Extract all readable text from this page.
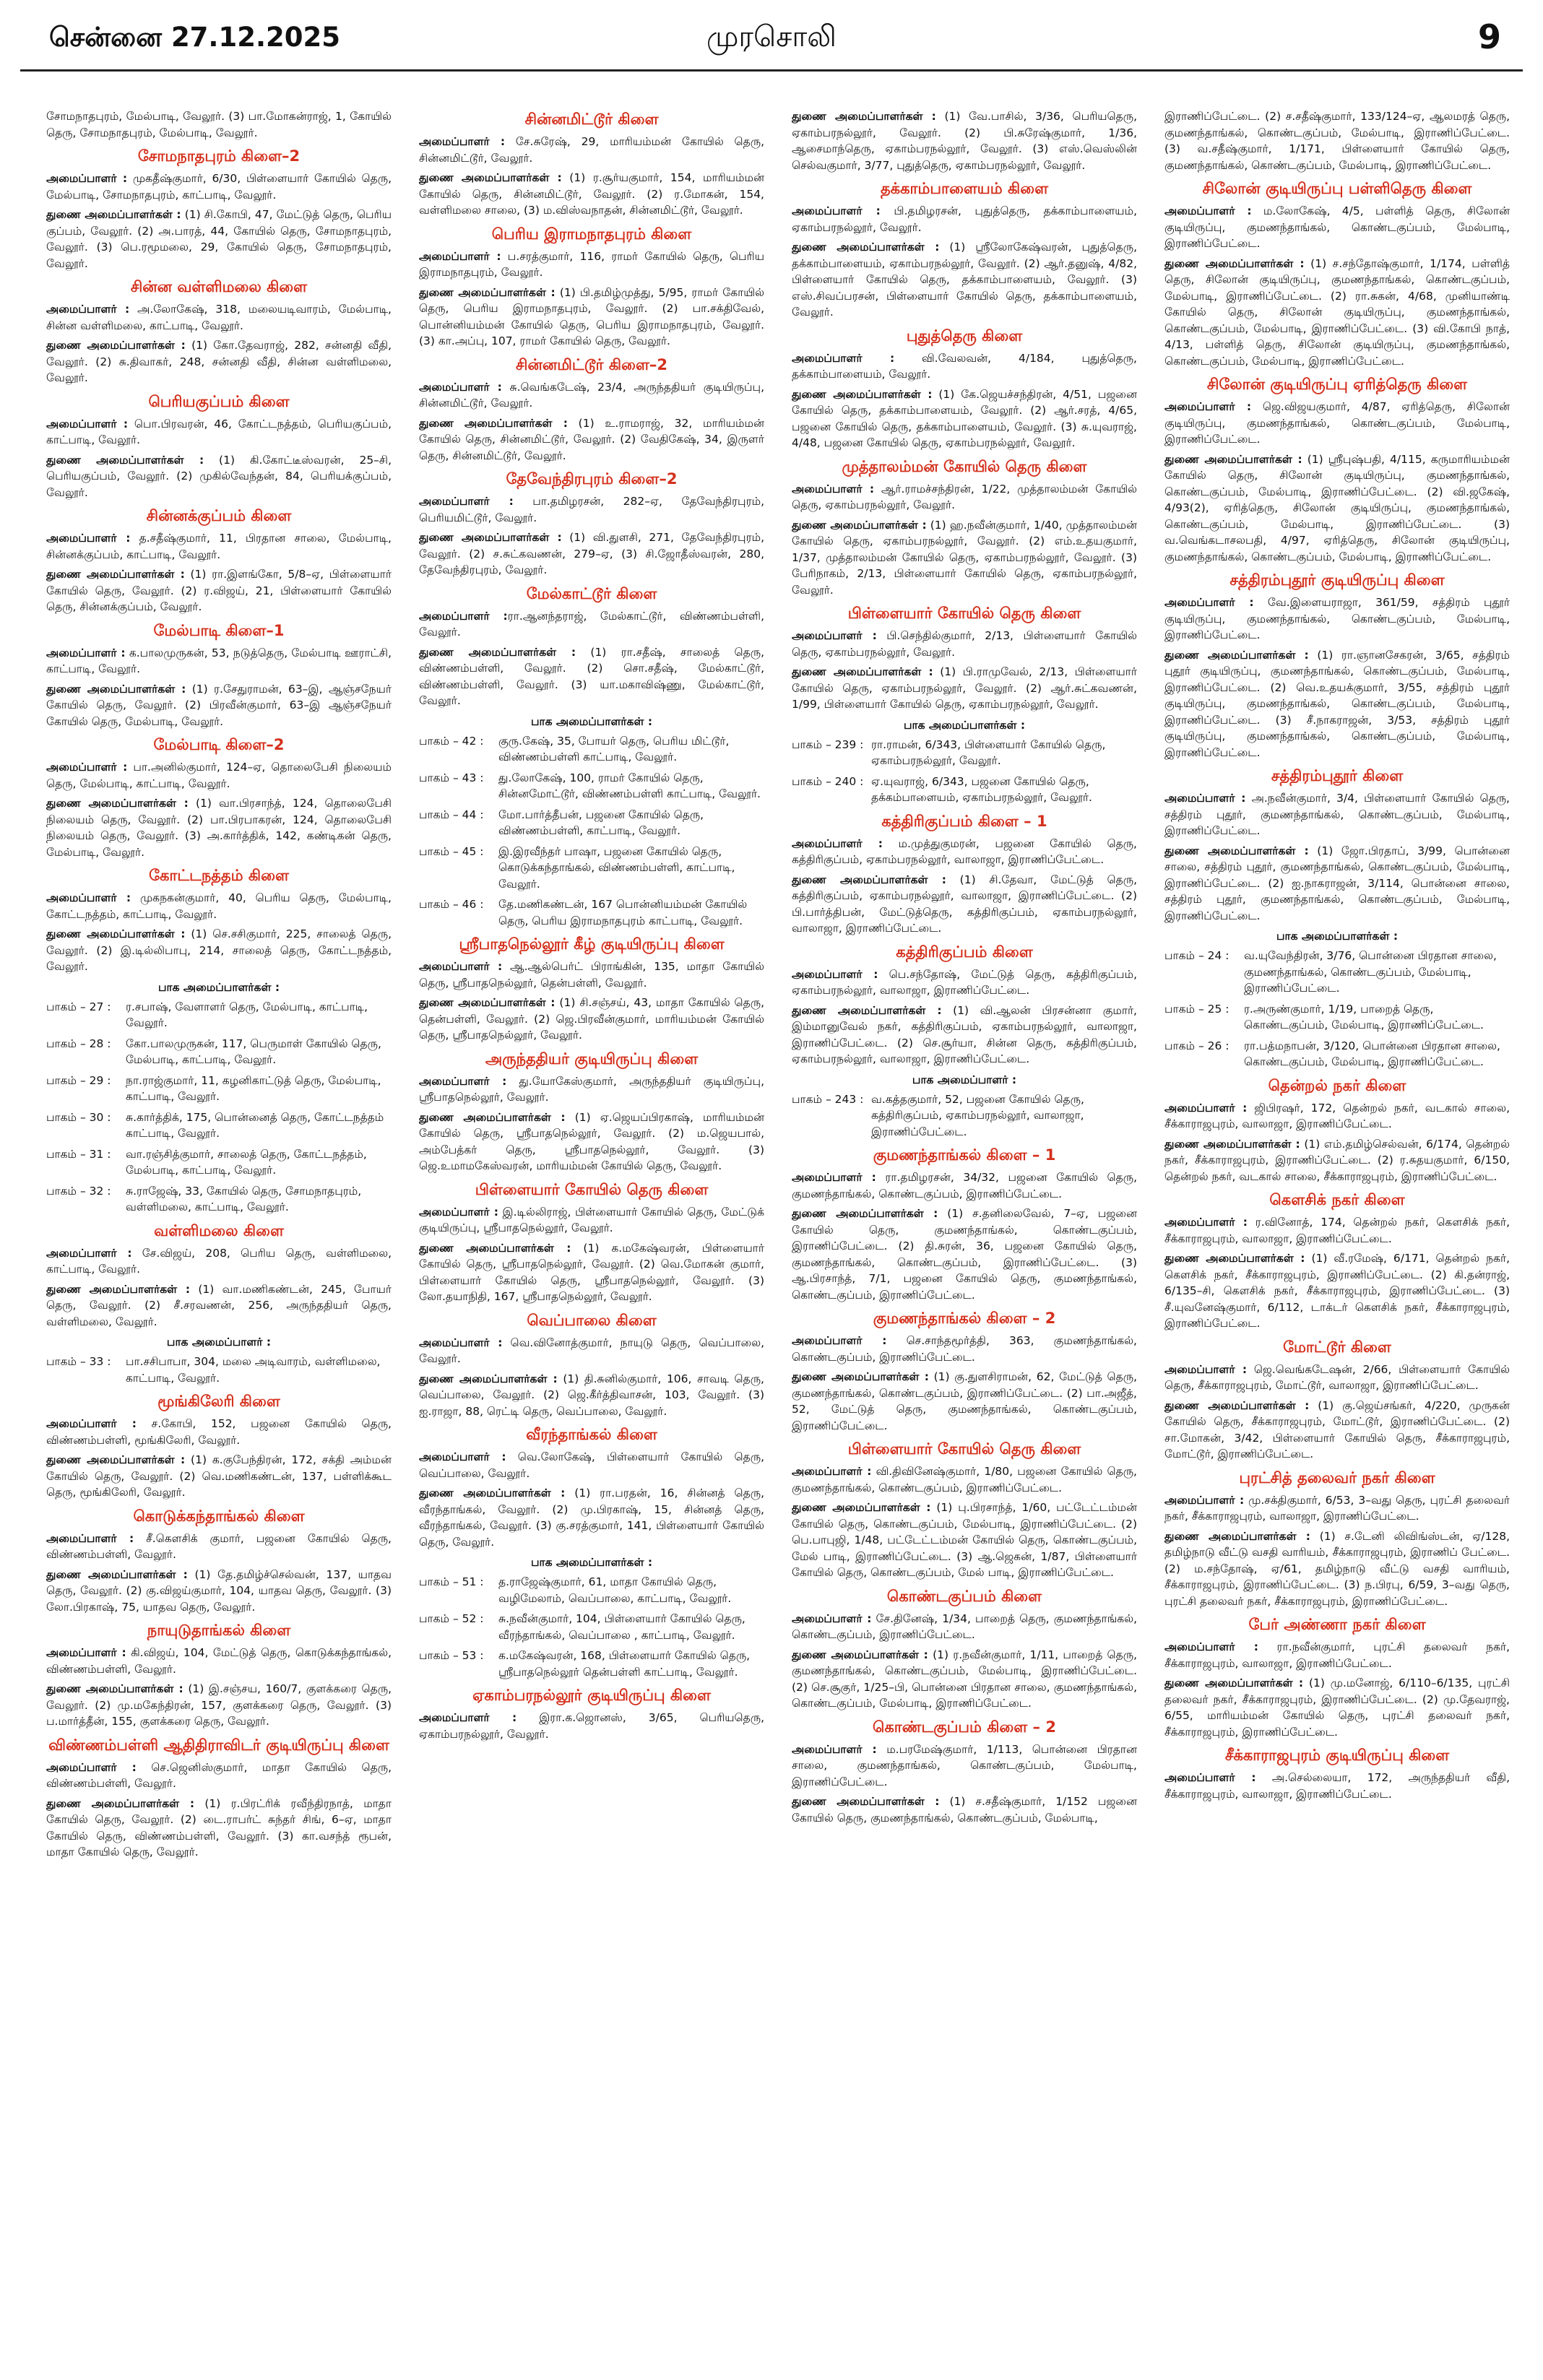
சென்னை 27.12.2025	முரசொலி	9
சோமநாதபுரம், மேல்பாடி, வேலூர். (3) பா.மோகன்ராஜ், 1, கோயில் தெரு, சோமநாதபுரம், மேல்பாடி, வேலூர்.
சோமநாதபுரம் கிளை–2
அமைப்பாளர் : முகதீஷ்குமார், 6/30, பிள்ளையார் கோயில் தெரு, மேல்பாடி, சோமநாதபுரம், காட்பாடி, வேலூர்.
துணை அமைப்பாளர்கள் : (1) சி.கோபி, 47, மேட்டுத் தெரு, பெரிய குப்பம், வேலூர். (2) அ.பாரத், 44, கோயில் தெரு, சோமநாதபுரம், வேலூர். (3) பெ.ரமூமலை, 29, கோயில் தெரு, சோமநாதபுரம், வேலூர்.
சின்ன வள்ளிமலை கிளை
அமைப்பாளர் : அ.லோகேஷ், 318, மலையடிவாரம், மேல்பாடி, சின்ன வள்ளிமலை, காட்பாடி, வேலூர்.
துணை அமைப்பாளர்கள் : (1) கோ.தேவராஜ், 282, சன்னதி வீதி, வேலூர். (2) சு.திவாகர், 248, சன்னதி வீதி, சின்ன வள்ளிமலை, வேலூர்.
பெரியகுப்பம் கிளை
அமைப்பாளர் : பொ.பிரவரன், 46, கோட்டநத்தம், பெரியகுப்பம், காட்பாடி, வேலூர்.
துணை அமைப்பாளர்கள் : (1) கி.கோட்டீஸ்வரன், 25–சி, பெரியகுப்பம், வேலூர். (2) முகில்வேந்தன், 84, பெரியக்குப்பம், வேலூர்.
சின்னக்குப்பம் கிளை
அமைப்பாளர் : த.சதீஷ்குமார், 11, பிரதான சாலை, மேல்பாடி, சின்னக்குப்பம், காட்பாடி, வேலூர்.
துணை அமைப்பாளர்கள் : (1) ரா.இளங்கோ, 5/8–ஏ, பிள்ளையார் கோயில் தெரு, வேலூர். (2) ர.விஜய், 21, பிள்ளையார் கோயில் தெரு, சின்னக்குப்பம், வேலூர்.
மேல்பாடி கிளை–1
அமைப்பாளர் : க.பாலமுருகன், 53, நடுத்தெரு, மேல்பாடி ஊராட்சி, காட்பாடி, வேலூர்.
துணை அமைப்பாளர்கள் : (1) ர.சேதுராமன், 63–இ, ஆஞ்சநேயர் கோயில் தெரு, வேலூர். (2) பிரவீன்குமார், 63–இ ஆஞ்சநேயர் கோயில் தெரு, மேல்பாடி, வேலூர்.
மேல்பாடி கிளை–2
அமைப்பாளர் : பா.அனில்குமார், 124–ஏ, தொலைபேசி நிலையம் தெரு, மேல்பாடி, காட்பாடி, வேலூர்.
துணை அமைப்பாளர்கள் : (1) வா.பிரசாந்த், 124, தொலைபேசி நிலையம் தெரு, வேலூர். (2) பா.பிரபாகரன், 124, தொலைபேசி நிலையம் தெரு, வேலூர். (3) அ.கார்த்திக், 142, கண்டிகன் தெரு, மேல்பாடி, வேலூர்.
கோட்டநத்தம் கிளை
அமைப்பாளர் : முகநகன்குமார், 40, பெரிய தெரு, மேல்பாடி, கோட்டநத்தம், காட்பாடி, வேலூர்.
துணை அமைப்பாளர்கள் : (1) செ.சசிகுமார், 225, சாலைத் தெரு, வேலூர். (2) இ.டில்லிபாபு, 214, சாலைத் தெரு, கோட்டநத்தம், வேலூர்.
பாக அமைப்பாளர்கள் :
பாகம் – 27 :	ர.சபாஷ், வேளாளர் தெரு, மேல்பாடி, காட்பாடி, வேலூர்.
பாகம் – 28 :	கோ.பாலமுருகன், 117, பெருமாள் கோயில் தெரு, மேல்பாடி, காட்பாடி, வேலூர்.
பாகம் – 29 :	நா.ராஜ்குமார், 11, கழனிகாட்டுத் தெரு, மேல்பாடி, காட்பாடி, வேலூர்.
பாகம் – 30 :	சு.கார்த்திக், 175, பொன்னைத் தெரு, கோட்டநத்தம் காட்பாடி, வேலூர்.
பாகம் – 31 :	வா.ரஞ்சித்குமார், சாலைத் தெரு, கோட்டநத்தம், மேல்பாடி, காட்பாடி, வேலூர்.
பாகம் – 32 :	சு.ராஜேஷ், 33, கோயில் தெரு, சோமநாதபுரம், வள்ளிமலை, காட்பாடி, வேலூர்.
வள்ளிமலை கிளை
அமைப்பாளர் : சே.விஜய், 208, பெரிய தெரு, வள்ளிமலை, காட்பாடி, வேலூர்.
துணை அமைப்பாளர்கள் : (1) வா.மணிகண்டன், 245, போயர் தெரு, வேலூர். (2) சீ.சரவணன், 256, அருந்ததியர் தெரு, வள்ளிமலை, வேலூர்.
பாக அமைப்பாளர் :
பாகம் – 33 :	பா.சசிபாபா, 304, மலை அடிவாரம், வள்ளிமலை, காட்பாடி, வேலூர்.
மூங்கிலேரி கிளை
அமைப்பாளர் : ச.கோபி, 152, பஜனை கோயில் தெரு, விண்ணம்பள்ளி, மூங்கிலேரி, வேலூர்.
துணை அமைப்பாளர்கள் : (1) க.குபேந்திரன், 172, சக்தி அம்மன் கோயில் தெரு, வேலூர். (2) வெ.மணிகண்டன், 137, பள்ளிக்கூட தெரு, மூங்கிலேரி, வேலூர்.
கொடுக்கந்தாங்கல் கிளை
அமைப்பாளர் : சீ.கௌசிக் குமார், பஜனை கோயில் தெரு, விண்ணம்பள்ளி, வேலூர்.
துணை அமைப்பாளர்கள் : (1) தே.தமிழ்ச்செல்வன், 137, யாதவ தெரு, வேலூர். (2) கு.விஜய்குமார், 104, யாதவ தெரு, வேலூர். (3) லோ.பிரகாஷ், 75, யாதவ தெரு, வேலூர்.
நாயுடுதாங்கல் கிளை
அமைப்பாளர் : கி.விஜய், 104, மேட்டுத் தெரு, கொடுக்கந்தாங்கல், விண்ணம்பள்ளி, வேலூர்.
துணை அமைப்பாளர்கள் : (1) இ.சஞ்சய, 160/7, குளக்கரை தெரு, வேலூர். (2) மு.மகேந்திரன், 157, குளக்கரை தெரு, வேலூர். (3) ப.மார்த்தீன், 155, குளக்கரை தெரு, வேலூர்.
விண்ணம்பள்ளி ஆதிதிராவிடர் குடியிருப்பு கிளை
அமைப்பாளர் : செ.ஜெனிஸ்குமார், மாதா கோயில் தெரு, விண்ணம்பள்ளி, வேலூர்.
துணை அமைப்பாளர்கள் : (1) ர.பிரட்ரிக் ரவீந்திரநாத், மாதா கோயில் தெரு, வேலூர். (2) டை.ராபர்ட் சுந்தர் சிங், 6–ஏ, மாதா கோயில் தெரு, விண்ணம்பள்ளி, வேலூர். (3) கா.வசந்த் ரூபன், மாதா கோயில் தெரு, வேலூர்.
சின்னமிட்டூர் கிளை
அமைப்பாளர் : சே.சுரேஷ், 29, மாரியம்மன் கோயில் தெரு, சின்னமிட்டூர், வேலூர்.
துணை அமைப்பாளர்கள் : (1) ர.சூர்யகுமார், 154, மாரியம்மன் கோயில் தெரு, சின்னமிட்டூர், வேலூர். (2) ர.மோகன், 154, வள்ளிமலை சாலை, (3) ம.விஸ்வநாதன், சின்னமிட்டூர், வேலூர்.
பெரிய இராமநாதபுரம் கிளை
அமைப்பாளர் : ப.சரத்குமார், 116, ராமர் கோயில் தெரு, பெரிய இராமநாதபுரம், வேலூர்.
துணை அமைப்பாளர்கள் : (1) பி.தமிழ்முத்து, 5/95, ராமர் கோயில் தெரு, பெரிய இராமநாதபுரம், வேலூர். (2) பா.சக்திவேல், பொன்னியம்மன் கோயில் தெரு, பெரிய இராமநாதபுரம், வேலூர். (3) கா.அப்பு, 107, ராமர் கோயில் தெரு, வேலூர்.
சின்னமிட்டூர் கிளை–2
அமைப்பாளர் : சு.வெங்கடேஷ், 23/4, அருந்ததியர் குடியிருப்பு, சின்னமிட்டூர், வேலூர்.
துணை அமைப்பாளர்கள் : (1) உ.ராமராஜ், 32, மாரியம்மன் கோயில் தெரு, சின்னமிட்டூர், வேலூர். (2) வேதிகேஷ், 34, இருளர் தெரு, சின்னமிட்டூர், வேலூர்.
தேவேந்திரபுரம் கிளை–2
அமைப்பாளர் : பா.தமிழரசன், 282–ஏ, தேவேந்திரபுரம், பெரியமிட்டூர், வேலூர்.
துணை அமைப்பாளர்கள் : (1) வி.துளசி, 271, தேவேந்திரபுரம், வேலூர். (2) ச.சுட்கவணன், 279–ஏ, (3) சி.ஜோதீஸ்வரன், 280, தேவேந்திரபுரம், வேலூர்.
மேல்காட்டூர் கிளை
அமைப்பாளர் :ரா.ஆனந்தராஜ், மேல்காட்டூர், விண்ணம்பள்ளி, வேலூர்.
துணை அமைப்பாளர்கள் : (1) ரா.சதீஷ், சாலைத் தெரு, விண்ணம்பள்ளி, வேலூர். (2) சொ.சதீஷ், மேல்காட்டூர், விண்ணம்பள்ளி, வேலூர். (3) யா.மகாவிஷ்ணு, மேல்காட்டூர், வேலூர்.
பாக அமைப்பாளர்கள் :
பாகம் – 42 :	குரு.கேஷ், 35, போயர் தெரு, பெரிய மிட்டூர், விண்ணம்பள்ளி காட்பாடி, வேலூர்.
பாகம் – 43 :	து.லோகேஷ், 100, ராமர் கோயில் தெரு, சின்னமோட்டூர், விண்ணம்பள்ளி காட்பாடி, வேலூர்.
பாகம் – 44 :	மோ.பார்த்தீபன், பஜனை கோயில் தெரு, விண்ணம்பள்ளி, காட்பாடி, வேலூர்.
பாகம் – 45 :	இ.இரவீந்தர் பாஷா, பஜனை கோயில் தெரு, கொடுக்கந்தாங்கல், விண்ணம்பள்ளி, காட்பாடி, வேலூர்.
பாகம் – 46 :	தே.மணிகண்டன், 167 பொன்னியம்மன் கோயில் தெரு, பெரிய இராமநாதபுரம் காட்பாடி, வேலூர்.
ஸ்ரீபாதநெல்லூர் கீழ் குடியிருப்பு கிளை
அமைப்பாளர் : ஆ.ஆல்பெர்ட் பிராங்கின், 135, மாதா கோயில் தெரு, ஸ்ரீபாதநெல்லூர், தென்பள்ளி, வேலூர்.
துணை அமைப்பாளர்கள் : (1) சி.சஞ்சய், 43, மாதா கோயில் தெரு, தென்பள்ளி, வேலூர். (2) ஜெ.பிரவீன்குமார், மாரியம்மன் கோயில் தெரு, ஸ்ரீபாதநெல்லூர், வேலூர்.
அருந்ததியர் குடியிருப்பு கிளை
அமைப்பாளர் : து.யோகேஸ்குமார், அருந்ததியர் குடியிருப்பு, ஸ்ரீபாதநெல்லூர், வேலூர்.
துணை அமைப்பாளர்கள் : (1) ஏ.ஜெயப்பிரகாஷ், மாரியம்மன் கோயில் தெரு, ஸ்ரீபாதநெல்லூர், வேலூர். (2) ம.ஜெயபால், அம்பேத்கர் தெரு, ஸ்ரீபாதநெல்லூர், வேலூர். (3) ஜெ.உமாமகேஸ்வரன், மாரியம்மன் கோயில் தெரு, வேலூர்.
பிள்ளையார் கோயில் தெரு கிளை
அமைப்பாளர் : இ.டில்லிராஜ், பிள்ளையார் கோயில் தெரு, மேட்டுக் குடியிருப்பு, ஸ்ரீபாதநெல்லூர், வேலூர்.
துணை அமைப்பாளர்கள் : (1) க.மகேஷ்வரன், பிள்ளையார் கோயில் தெரு, ஸ்ரீபாதநெல்லூர், வேலூர். (2) வெ.மோகன் குமார், பிள்ளையார் கோயில் தெரு, ஸ்ரீபாதநெல்லூர், வேலூர். (3) லோ.தயாநிதி, 167, ஸ்ரீபாதநெல்லூர், வேலூர்.
வெப்பாலை கிளை
அமைப்பாளர் : வெ.வினோத்குமார், நாயுடு தெரு, வெப்பாலை, வேலூர்.
துணை அமைப்பாளர்கள் : (1) தி.சுனில்குமார், 106, சாவடி தெரு, வெப்பாலை, வேலூர். (2) ஜெ.கீர்த்திவாசன், 103, வேலூர். (3) ஐ.ராஜா, 88, ரெட்டி தெரு, வெப்பாலை, வேலூர்.
வீரந்தாங்கல் கிளை
அமைப்பாளர் : வெ.லோகேஷ், பிள்ளையார் கோயில் தெரு, வெப்பாலை, வேலூர்.
துணை அமைப்பாளர்கள் : (1) ரா.பரதன், 16, சின்னத் தெரு, வீரந்தாங்கல், வேலூர். (2) மு.பிரகாஷ், 15, சின்னத் தெரு, வீரந்தாங்கல், வேலூர். (3) கு.சரத்குமார், 141, பிள்ளையார் கோயில் தெரு, வேலூர்.
பாக அமைப்பாளர்கள் :
பாகம் – 51 :	த.ராஜேஷ்குமார், 61, மாதா கோயில் தெரு, வழிமேலாம், வெப்பாலை, காட்பாடி, வேலூர்.
பாகம் – 52 :	சு.நவீன்குமார், 104, பிள்ளையார் கோயில் தெரு, வீரந்தாங்கல், வெப்பாலை , காட்பாடி, வேலூர்.
பாகம் – 53 :	க.மகேஷ்வரன், 168, பிள்ளையார் கோயில் தெரு, ஸ்ரீபாதநெல்லூர் தென்பள்ளி காட்பாடி, வேலூர்.
ஏகாம்பரநல்லூர் குடியிருப்பு கிளை
அமைப்பாளர் : இரா.க.ஜொனஸ், 3/65, பெரியதெரு, ஏகாம்பரநல்லூர், வேலூர்.
துணை அமைப்பாளர்கள் : (1) வே.பாசில், 3/36, பெரியதெரு, ஏகாம்பரநல்லூர், வேலூர். (2) பி.சுரேஷ்குமார், 1/36, ஆசைமாந்தெரு, ஏகாம்பரநல்லூர், வேலூர். (3) எஸ்.வெஸ்லின் செல்வகுமார், 3/77, புதுத்தெரு, ஏகாம்பரநல்லூர், வேலூர்.
தக்காம்பாளையம் கிளை
அமைப்பாளர் : பி.தமிழரசன், புதுத்தெரு, தக்காம்பாளையம், ஏகாம்பரநல்லூர், வேலூர்.
துணை அமைப்பாளர்கள் : (1) ஸ்ரீலோகேஷ்வரன், புதுத்தெரு, தக்காம்பாளையம், ஏகாம்பரநல்லூர், வேலூர். (2) ஆர்.தனுஷ், 4/82, பிள்ளையார் கோயில் தெரு, தக்காம்பாளையம், வேலூர். (3) எஸ்.சிவப்பரசன், பிள்ளையார் கோயில் தெரு, தக்காம்பாளையம், வேலூர்.
புதுத்தெரு கிளை
அமைப்பாளர் : வி.வேலவன், 4/184, புதுத்தெரு, தக்காம்பாளையம், வேலூர்.
துணை அமைப்பாளர்கள் : (1) கே.ஜெயச்சந்திரன், 4/51, பஜனை கோயில் தெரு, தக்காம்பாளையம், வேலூர். (2) ஆர்.சரத், 4/65, பஜனை கோயில் தெரு, தக்காம்பாளையம், வேலூர். (3) சு.யுவராஜ், 4/48, பஜனை கோயில் தெரு, ஏகாம்பரநல்லூர், வேலூர்.
முத்தாலம்மன் கோயில் தெரு கிளை
அமைப்பாளர் : ஆர்.ராமச்சந்திரன், 1/22, முத்தாலம்மன் கோயில் தெரு, ஏகாம்பரநல்லூர், வேலூர்.
துணை அமைப்பாளர்கள் : (1) ஹ.நவீன்குமார், 1/40, முத்தாலம்மன் கோயில் தெரு, ஏகாம்பரநல்லூர், வேலூர். (2) எம்.உதயகுமார், 1/37, முத்தாலம்மன் கோயில் தெரு, ஏகாம்பரநல்லூர், வேலூர். (3) பேரிநாகம், 2/13, பிள்ளையார் கோயில் தெரு, ஏகாம்பரநல்லூர், வேலூர்.
பிள்ளையார் கோயில் தெரு கிளை
அமைப்பாளர் : பி.செந்தில்குமார், 2/13, பிள்ளையார் கோயில் தெரு, ஏகாம்பரநல்லூர், வேலூர்.
துணை அமைப்பாளர்கள் : (1) பி.ராமுவேல், 2/13, பிள்ளையார் கோயில் தெரு, ஏகாம்பரநல்லூர், வேலூர். (2) ஆர்.சுட்கவணன், 1/99, பிள்ளையார் கோயில் தெரு, ஏகாம்பரநல்லூர், வேலூர்.
பாக அமைப்பாளர்கள் :
பாகம் – 239 : ரா.ராமன், 6/343, பிள்ளையார் கோயில் தெரு, ஏகாம்பரநல்லூர், வேலூர்.
பாகம் – 240 : ஏ.யுவராஜ், 6/343, பஜனை கோயில் தெரு, தக்கம்பாளையம், ஏகாம்பரநல்லூர், வேலூர்.
கத்திரிகுப்பம் கிளை – 1
அமைப்பாளர் : ம.முத்துகுமரன், பஜனை கோயில் தெரு, கத்திரிகுப்பம், ஏகாம்பரநல்லூர், வாலாஜா, இராணிப்பேட்டை.
துணை அமைப்பாளர்கள் : (1) சி.தேவா, மேட்டுத் தெரு, கத்திரிகுப்பம், ஏகாம்பரநல்லூர், வாலாஜா, இராணிப்பேட்டை. (2) பி.பார்த்திபன், மேட்டுத்தெரு, கத்திரிகுப்பம், ஏகாம்பரநல்லூர், வாலாஜா, இராணிப்பேட்டை.
கத்திரிகுப்பம் கிளை
அமைப்பாளர் : பெ.சந்தோஷ், மேட்டுத் தெரு, கத்திரிகுப்பம், ஏகாம்பரநல்லூர், வாலாஜா, இராணிப்பேட்டை.
துணை அமைப்பாளர்கள் : (1) வி.ஆலன் பிரசன்னா குமார், இம்மானுவேல் நகர், கத்திரிகுப்பம், ஏகாம்பரநல்லூர், வாலாஜா, இராணிப்பேட்டை. (2) செ.சூர்யா, சின்ன தெரு, கத்திரிகுப்பம், ஏகாம்பரநல்லூர், வாலாஜா, இராணிப்பேட்டை.
பாக அமைப்பாளர் :
பாகம் – 243 : வ.கத்தகுமார், 52, பஜனை கோயில் தெரு, கத்திரிகுப்பம், ஏகாம்பரநல்லூர், வாலாஜா, இராணிப்பேட்டை.
குமணந்தாங்கல் கிளை – 1
அமைப்பாளர் : ரா.தமிழரசன், 34/32, பஜனை கோயில் தெரு, குமணந்தாங்கல், கொண்டகுப்பம், இராணிப்பேட்டை.
துணை அமைப்பாளர்கள் : (1) ச.தனிலைவேல், 7–ஏ, பஜனை கோயில் தெரு, குமணந்தாங்கல், கொண்டகுப்பம், இராணிப்பேட்டை. (2) தி.சுரன், 36, பஜனை கோயில் தெரு, குமணந்தாங்கல், கொண்டகுப்பம், இராணிப்பேட்டை. (3) ஆ.பிரசாந்த், 7/1, பஜனை கோயில் தெரு, குமணந்தாங்கல், கொண்டகுப்பம், இராணிப்பேட்டை.
குமணந்தாங்கல் கிளை – 2
அமைப்பாளர் : செ.சாந்தமூர்த்தி, 363, குமணந்தாங்கல், கொண்டகுப்பம், இராணிப்பேட்டை.
துணை அமைப்பாளர்கள் : (1) கு.துளசிராமன், 62, மேட்டுத் தெரு, குமணந்தாங்கல், கொண்டகுப்பம், இராணிப்பேட்டை. (2) பா.அஜீத், 52, மேட்டுத் தெரு, குமணந்தாங்கல், கொண்டகுப்பம், இராணிப்பேட்டை.
பிள்ளையார் கோயில் தெரு கிளை
அமைப்பாளர் : வி.திவினேஷ்குமார், 1/80, பஜனை கோயில் தெரு, குமணந்தாங்கல், கொண்டகுப்பம், இராணிப்பேட்டை.
துணை அமைப்பாளர்கள் : (1) பு.பிரசாந்த், 1/60, பட்டேட்டம்மன் கோயில் தெரு, கொண்டகுப்பம், மேல்பாடி, இராணிப்பேட்டை. (2) பெ.பாபுஜி, 1/48, பட்டேட்டம்மன் கோயில் தெரு, கொண்டகுப்பம், மேல் பாடி, இராணிப்பேட்டை. (3) ஆ.ஜெகன், 1/87, பிள்ளையார் கோயில் தெரு, கொண்டகுப்பம், மேல் பாடி, இராணிப்பேட்டை.
கொண்டகுப்பம் கிளை
அமைப்பாளர் : சே.தினேஷ், 1/34, பாறைத் தெரு, குமணந்தாங்கல், கொண்டகுப்பம், இராணிப்பேட்டை.
துணை அமைப்பாளர்கள் : (1) ர.நவீன்குமார், 1/11, பாறைத் தெரு, குமணந்தாங்கல், கொண்டகுப்பம், மேல்பாடி, இராணிப்பேட்டை. (2) செ.சூகுர், 1/25–பி, பொன்னை பிரதான சாலை, குமணந்தாங்கல், கொண்டகுப்பம், மேல்பாடி, இராணிப்பேட்டை.
கொண்டகுப்பம் கிளை – 2
அமைப்பாளர் : ம.பரமேஷ்குமார், 1/113, பொன்னை பிரதான சாலை, குமணந்தாங்கல், கொண்டகுப்பம், மேல்பாடி, இராணிப்பேட்டை.
துணை அமைப்பாளர்கள் : (1) ச.சதீஷ்குமார், 1/152 பஜனை கோயில் தெரு, குமணந்தாங்கல், கொண்டகுப்பம், மேல்பாடி,
இராணிப்பேட்டை. (2) ச.சதீஷ்குமார், 133/124–ஏ, ஆலமரத் தெரு, குமணந்தாங்கல், கொண்டகுப்பம், மேல்பாடி, இராணிப்பேட்டை. (3) வ.சதீஷ்குமார், 1/171, பிள்ளையார் கோயில் தெரு, குமணந்தாங்கல், கொண்டகுப்பம், மேல்பாடி, இராணிப்பேட்டை.
சிலோன் குடியிருப்பு பள்ளிதெரு கிளை
அமைப்பாளர் : ம.லோகேஷ், 4/5, பள்ளித் தெரு, சிலோன் குடியிருப்பு, குமணந்தாங்கல், கொண்டகுப்பம், மேல்பாடி, இராணிப்பேட்டை.
துணை அமைப்பாளர்கள் : (1) ச.சந்தோஷ்குமார், 1/174, பள்ளித் தெரு, சிலோன் குடியிருப்பு, குமணந்தாங்கல், கொண்டகுப்பம், மேல்பாடி, இராணிப்பேட்டை. (2) ரா.சுகன், 4/68, முனியாண்டி கோயில் தெரு, சிலோன் குடியிருப்பு, குமணந்தாங்கல், கொண்டகுப்பம், மேல்பாடி, இராணிப்பேட்டை. (3) வி.கோபி நாத், 4/13, பள்ளித் தெரு, சிலோன் குடியிருப்பு, குமணந்தாங்கல், கொண்டகுப்பம், மேல்பாடி, இராணிப்பேட்டை.
சிலோன் குடியிருப்பு ஏரித்தெரு கிளை
அமைப்பாளர் : ஜெ.விஜயகுமார், 4/87, ஏரித்தெரு, சிலோன் குடியிருப்பு, குமணந்தாங்கல், கொண்டகுப்பம், மேல்பாடி, இராணிப்பேட்டை.
துணை அமைப்பாளர்கள் : (1) ஸ்ரீபுஷ்பதி, 4/115, கருமாரியம்மன் கோயில் தெரு, சிலோன் குடியிருப்பு, குமணந்தாங்கல், கொண்டகுப்பம், மேல்பாடி, இராணிப்பேட்டை. (2) வி.ஜகேஷ், 4/93(2), ஏரித்தெரு, சிலோன் குடியிருப்பு, குமணந்தாங்கல், கொண்டகுப்பம், மேல்பாடி, இராணிப்பேட்டை. (3) வ.வெங்கடாசலபதி, 4/97, ஏரித்தெரு, சிலோன் குடியிருப்பு, குமணந்தாங்கல், கொண்டகுப்பம், மேல்பாடி, இராணிப்பேட்டை.
சத்திரம்புதூர் குடியிருப்பு கிளை
அமைப்பாளர் : வே.இளையராஜா, 361/59, சத்திரம் புதூர் குடியிருப்பு, குமணந்தாங்கல், கொண்டகுப்பம், மேல்பாடி, இராணிப்பேட்டை.
துணை அமைப்பாளர்கள் : (1) ரா.ஞானசேகரன், 3/65, சத்திரம் புதூர் குடியிருப்பு, குமணந்தாங்கல், கொண்டகுப்பம், மேல்பாடி, இராணிப்பேட்டை. (2) வெ.உதயக்குமார், 3/55, சத்திரம் புதூர் குடியிருப்பு, குமணந்தாங்கல், கொண்டகுப்பம், மேல்பாடி, இராணிப்பேட்டை. (3) சீ.நாகராஜன், 3/53, சத்திரம் புதூர் குடியிருப்பு, குமணந்தாங்கல், கொண்டகுப்பம், மேல்பாடி, இராணிப்பேட்டை.
சத்திரம்புதூர் கிளை
அமைப்பாளர் : அ.நவீன்குமார், 3/4, பிள்ளையார் கோயில் தெரு, சத்திரம் புதூர், குமணந்தாங்கல், கொண்டகுப்பம், மேல்பாடி, இராணிப்பேட்டை.
துணை அமைப்பாளர்கள் : (1) ஜோ.பிரதாப், 3/99, பொன்னை சாலை, சத்திரம் புதூர், குமணந்தாங்கல், கொண்டகுப்பம், மேல்பாடி, இராணிப்பேட்டை. (2) ஐ.நாகராஜன், 3/114, பொன்னை சாலை, சத்திரம் புதூர், குமணந்தாங்கல், கொண்டகுப்பம், மேல்பாடி, இராணிப்பேட்டை.
பாக அமைப்பாளர்கள் :
பாகம் – 24 :	வ.யுவேந்திரன், 3/76, பொன்னை பிரதான சாலை, குமணந்தாங்கல், கொண்டகுப்பம், மேல்பாடி, இராணிப்பேட்டை.
பாகம் – 25 :	ர.அருண்குமார், 1/19, பாறைத் தெரு, கொண்டகுப்பம், மேல்பாடி, இராணிப்பேட்டை.
பாகம் – 26 :	ரா.பத்மநாபன், 3/120, பொன்னை பிரதான சாலை, கொண்டகுப்பம், மேல்பாடி, இராணிப்பேட்டை.
தென்றல் நகர் கிளை
அமைப்பாளர் : ஜிபிரஷர், 172, தென்றல் நகர், வடகால் சாலை, சீக்காராஜபுரம், வாலாஜா, இராணிப்பேட்டை.
துணை அமைப்பாளர்கள் : (1) எம்.தமிழ்செல்வன், 6/174, தென்றல் நகர், சீக்காராஜபுரம், இராணிப்பேட்டை. (2) ர.சுதயகுமார், 6/150, தென்றல் நகர், வடகால் சாலை, சீக்காராஜபுரம், இராணிப்பேட்டை.
கௌசிக் நகர் கிளை
அமைப்பாளர் : ர.வினோத், 174, தென்றல் நகர், கௌசிக் நகர், சீக்காராஜபுரம், வாலாஜா, இராணிப்பேட்டை.
துணை அமைப்பாளர்கள் : (1) வீ.ரமேஷ், 6/171, தென்றல் நகர், கௌசிக் நகர், சீக்காராஜபுரம், இராணிப்பேட்டை. (2) கி.தன்ராஜ், 6/135–சி, கௌசிக் நகர், சீக்காராஜபுரம், இராணிப்பேட்டை. (3) சீ.யுவனேஷ்குமார், 6/112, டாக்டர் கௌசிக் நகர், சீக்காராஜபுரம், இராணிப்பேட்டை.
மோட்டூர் கிளை
அமைப்பாளர் : ஜெ.வெங்கடேஷன், 2/66, பிள்ளையார் கோயில் தெரு, சீக்காராஜபுரம், மோட்டூர், வாலாஜா, இராணிப்பேட்டை.
துணை அமைப்பாளர்கள் : (1) கு.ஜெய்சங்கர், 4/220, முருகன் கோயில் தெரு, சீக்காராஜபுரம், மோட்டூர், இராணிப்பேட்டை. (2) சா.மோகன், 3/42, பிள்ளையார் கோயில் தெரு, சீக்காராஜபுரம், மோட்டூர், இராணிப்பேட்டை.
புரட்சித் தலைவர் நகர் கிளை
அமைப்பாளர் : மு.சக்திகுமார், 6/53, 3–வது தெரு, புரட்சி தலைவர் நகர், சீக்காராஜபுரம், வாலாஜா, இராணிப்பேட்டை.
துணை அமைப்பாளர்கள் : (1) ச.டேனி லிவிங்ஸ்டன், ஏ/128, தமிழ்நாடு வீட்டு வசதி வாரியம், சீக்காராஜபுரம், இராணிப் பேட்டை. (2) ம.சந்தோஷ், ஏ/61, தமிழ்நாடு வீட்டு வசதி வாரியம், சீக்காராஜபுரம், இராணிப்பேட்டை. (3) ந.பிரபு, 6/59, 3–வது தெரு, புரட்சி தலைவர் நகர், சீக்காராஜபுரம், இராணிப்பேட்டை.
பேர் அண்ணா நகர் கிளை
அமைப்பாளர் : ரா.நவீன்குமார், புரட்சி தலைவர் நகர், சீக்காராஜபுரம், வாலாஜா, இராணிப்பேட்டை.
துணை அமைப்பாளர்கள் : (1) மு.மனோஜ், 6/110–6/135, புரட்சி தலைவர் நகர், சீக்காராஜபுரம், இராணிப்பேட்டை. (2) மு.தேவராஜ், 6/55, மாரியம்மன் கோயில் தெரு, புரட்சி தலைவர் நகர், சீக்காராஜபுரம், இராணிப்பேட்டை.
சீக்காராஜபுரம் குடியிருப்பு கிளை
அமைப்பாளர் : அ.செல்லையா, 172, அருந்ததியர் வீதி, சீக்காராஜபுரம், வாலாஜா, இராணிப்பேட்டை.
